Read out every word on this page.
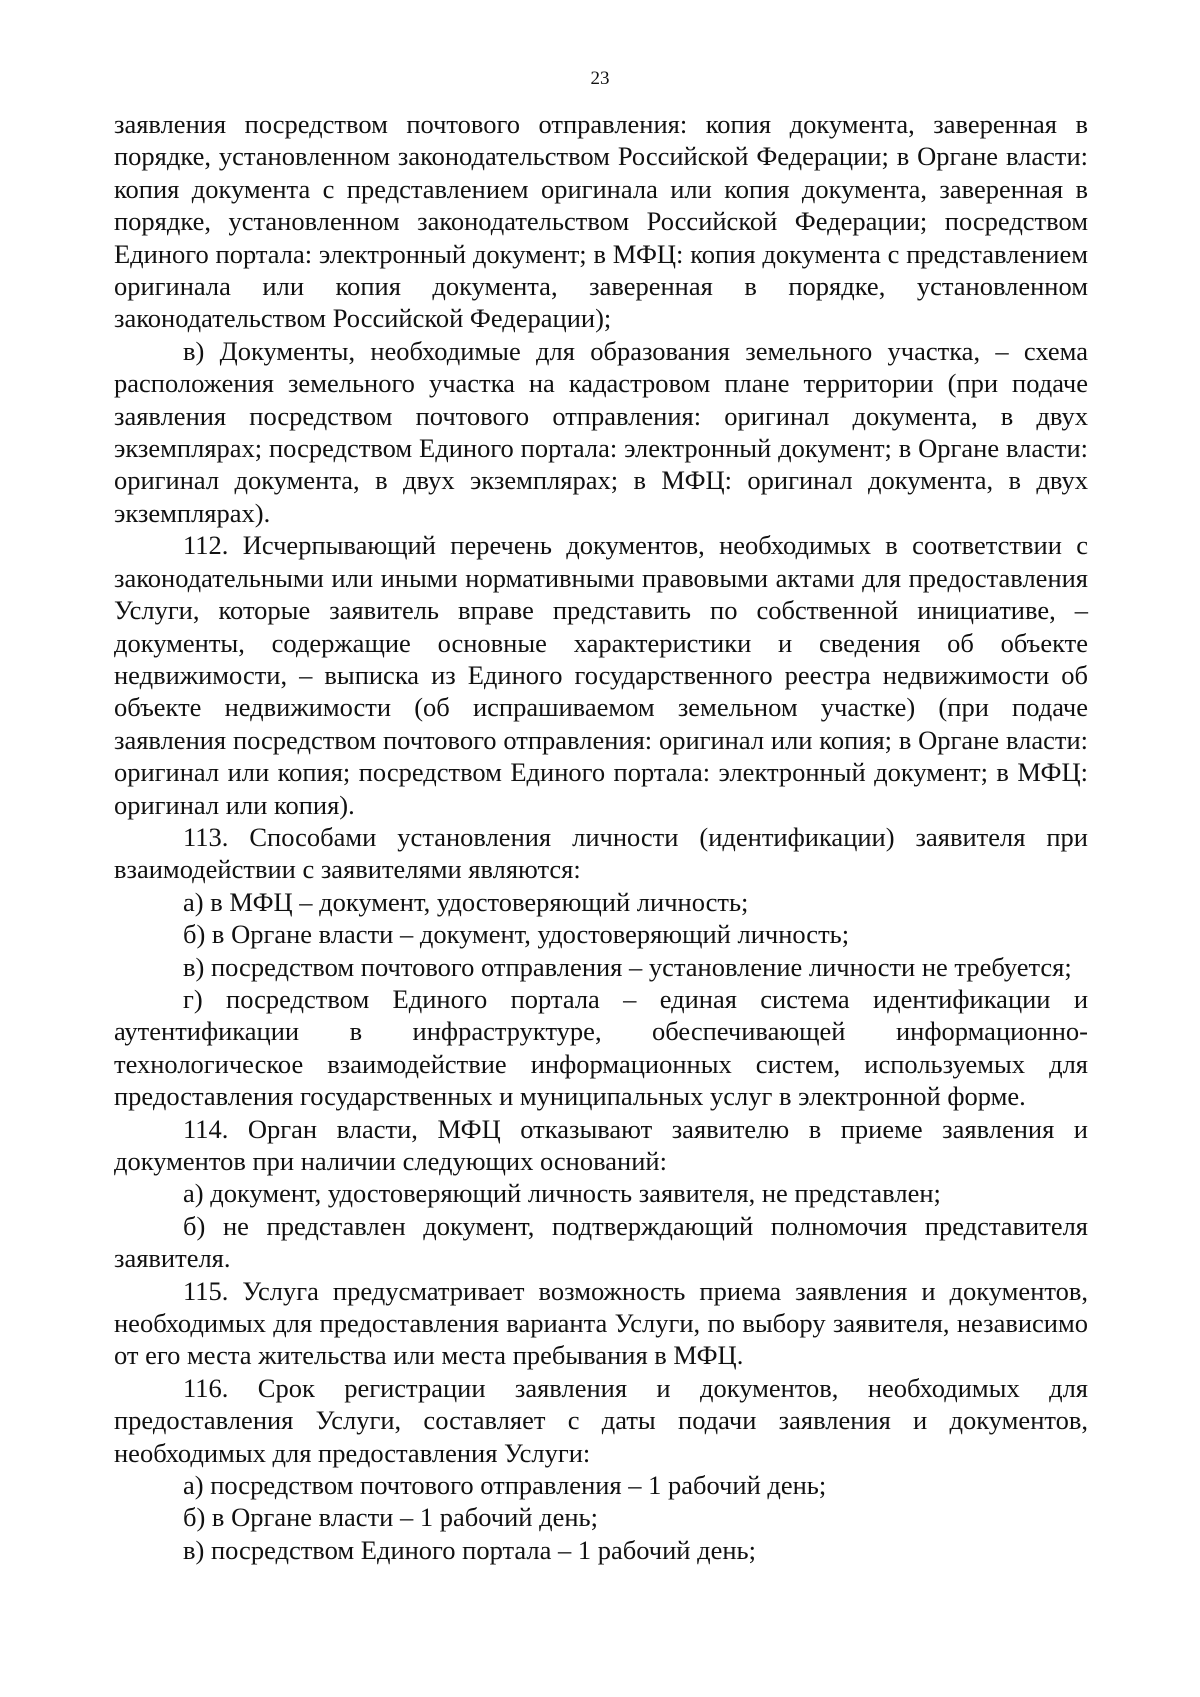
23

заявления посредством почтового отправления: копия документа, заверенная в порядке, установленном законодательством Российской Федерации; в Органе власти: копия документа с представлением оригинала или копия документа, заверенная в порядке, установленном законодательством Российской Федерации; посредством Единого портала: электронный документ; в МФЦ: копия документа с представлением оригинала или копия документа, заверенная в порядке, установленном законодательством Российской Федерации);

в) Документы, необходимые для образования земельного участка, – схема расположения земельного участка на кадастровом плане территории (при подаче заявления посредством почтового отправления: оригинал документа, в двух экземплярах; посредством Единого портала: электронный документ; в Органе власти: оригинал документа, в двух экземплярах; в МФЦ: оригинал документа, в двух экземплярах).

112. Исчерпывающий перечень документов, необходимых в соответствии с законодательными или иными нормативными правовыми актами для предоставления Услуги, которые заявитель вправе представить по собственной инициативе, – документы, содержащие основные характеристики и сведения об объекте недвижимости, – выписка из Единого государственного реестра недвижимости об объекте недвижимости (об испрашиваемом земельном участке) (при подаче заявления посредством почтового отправления: оригинал или копия; в Органе власти: оригинал или копия; посредством Единого портала: электронный документ; в МФЦ: оригинал или копия).

113. Способами установления личности (идентификации) заявителя при взаимодействии с заявителями являются:

а) в МФЦ – документ, удостоверяющий личность;

б) в Органе власти – документ, удостоверяющий личность;

в) посредством почтового отправления – установление личности не требуется;

г) посредством Единого портала – единая система идентификации и аутентификации в инфраструктуре, обеспечивающей информационно-технологическое взаимодействие информационных систем, используемых для предоставления государственных и муниципальных услуг в электронной форме.

114. Орган власти, МФЦ отказывают заявителю в приеме заявления и документов при наличии следующих оснований:

а) документ, удостоверяющий личность заявителя, не представлен;

б) не представлен документ, подтверждающий полномочия представителя заявителя.

115. Услуга предусматривает возможность приема заявления и документов, необходимых для предоставления варианта Услуги, по выбору заявителя, независимо от его места жительства или места пребывания в МФЦ.

116. Срок регистрации заявления и документов, необходимых для предоставления Услуги, составляет с даты подачи заявления и документов, необходимых для предоставления Услуги:

а) посредством почтового отправления – 1 рабочий день;

б) в Органе власти – 1 рабочий день;

в) посредством Единого портала – 1 рабочий день;
